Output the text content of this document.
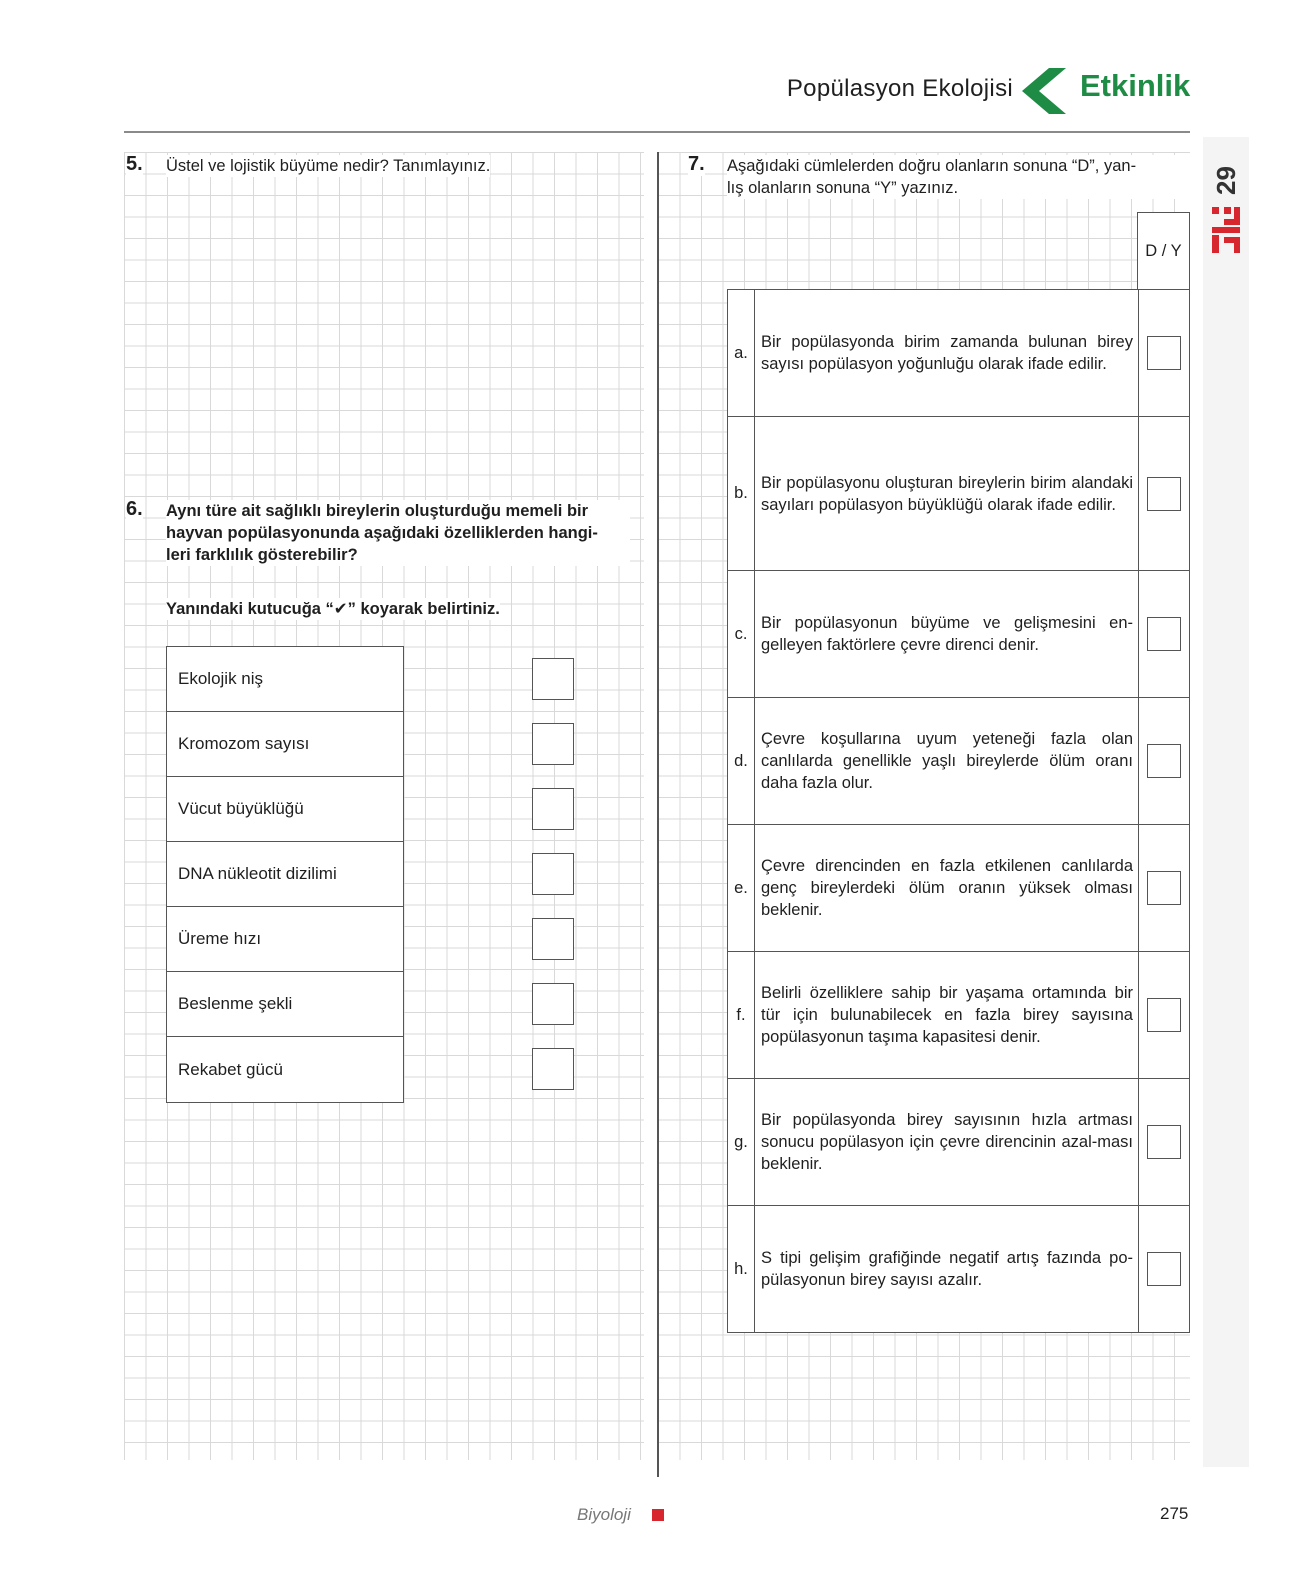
Popülasyon Ekolojisi Etkinlik
29
5. Üstel ve lojistik büyüme nedir? Tanımlayınız.
6. Aynı türe ait sağlıklı bireylerin oluşturduğu memeli bir
hayvan popülasyonunda aşağıdaki özelliklerden hangi-
leri farklılık gösterebilir?
Yanındaki kutucuğa “✔” koyarak belirtiniz.
Ekolojik niş
Kromozom sayısı
Vücut büyüklüğü
DNA nükleotit dizilimi
Üreme hızı
Beslenme şekli
Rekabet gücü
7. Aşağıdaki cümlelerden doğru olanların sonuna “D”, yan-
lış olanların sonuna “Y” yazınız.
D / Y
a.
Bir popülasyonda birim zamanda bulunan birey sayısı popülasyon yoğunluğu olarak ifade edilir.
b.
Bir popülasyonu oluşturan bireylerin birim alandaki sayıları popülasyon büyüklüğü olarak ifade edilir.
c.
Bir popülasyonun büyüme ve gelişmesini en-gelleyen faktörlere çevre direnci denir.
d.
Çevre koşullarına uyum yeteneği fazla olan canlılarda genellikle yaşlı bireylerde ölüm oranı daha fazla olur.
e.
Çevre direncinden en fazla etkilenen canlılarda genç bireylerdeki ölüm oranın yüksek olması beklenir.
f.
Belirli özelliklere sahip bir yaşama ortamında bir tür için bulunabilecek en fazla birey sayısına popülasyonun taşıma kapasitesi denir.
g.
Bir popülasyonda birey sayısının hızla artması sonucu popülasyon için çevre direncinin azal-ması beklenir.
h.
S tipi gelişim grafiğinde negatif artış fazında po-pülasyonun birey sayısı azalır.
Biyoloji	275
